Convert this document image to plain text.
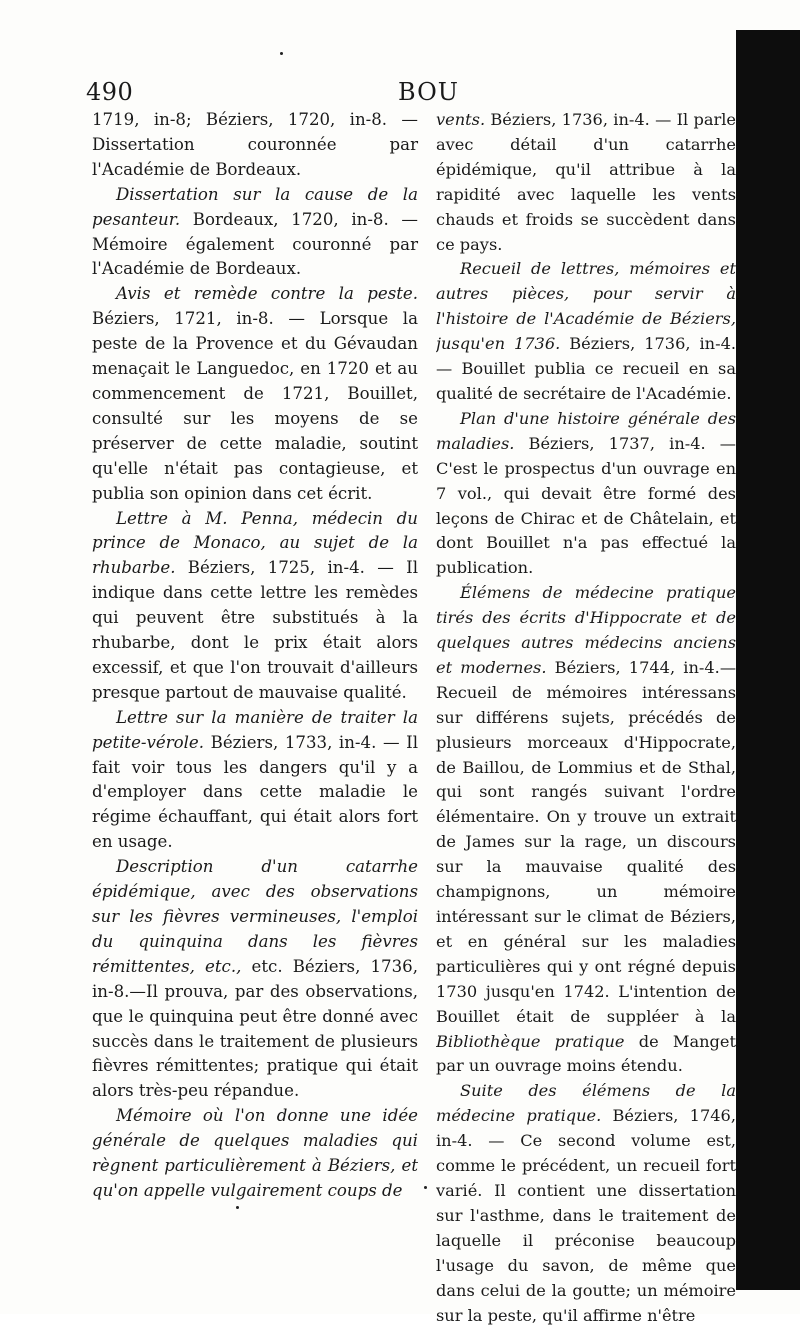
490	BOU

1719, in-8; Béziers, 1720, in-8. — Dissertation couronnée par l'Académie de Bordeaux.

Dissertation sur la cause de la pesanteur. Bordeaux, 1720, in-8. — Mémoire également couronné par l'Académie de Bordeaux.

Avis et remède contre la peste. Béziers, 1721, in-8. — Lorsque la peste de la Provence et du Gévaudan menaçait le Languedoc, en 1720 et au commencement de 1721, Bouillet, consulté sur les moyens de se préserver de cette maladie, soutint qu'elle n'était pas contagieuse, et publia son opinion dans cet écrit.

Lettre à M. Penna, médecin du prince de Monaco, au sujet de la rhubarbe. Béziers, 1725, in-4. — Il indique dans cette lettre les remèdes qui peuvent être substitués à la rhubarbe, dont le prix était alors excessif, et que l'on trouvait d'ailleurs presque partout de mauvaise qualité.

Lettre sur la manière de traiter la petite-vérole. Béziers, 1733, in-4. — Il fait voir tous les dangers qu'il y a d'employer dans cette maladie le régime échauffant, qui était alors fort en usage.

Description d'un catarrhe épidémique, avec des observations sur les fièvres vermineuses, l'emploi du quinquina dans les fièvres rémittentes, etc., etc. Béziers, 1736, in-8.—Il prouva, par des observations, que le quinquina peut être donné avec succès dans le traitement de plusieurs fièvres rémittentes; pratique qui était alors très-peu répandue.

Mémoire où l'on donne une idée générale de quelques maladies qui règnent particulièrement à Béziers, et qu'on appelle vulgairement coups de

vents. Béziers, 1736, in-4. — Il parle avec détail d'un catarrhe épidémique, qu'il attribue à la rapidité avec laquelle les vents chauds et froids se succèdent dans ce pays.

Recueil de lettres, mémoires et autres pièces, pour servir à l'histoire de l'Académie de Béziers, jusqu'en 1736. Béziers, 1736, in-4. — Bouillet publia ce recueil en sa qualité de secrétaire de l'Académie.

Plan d'une histoire générale des maladies. Béziers, 1737, in-4. — C'est le prospectus d'un ouvrage en 7 vol., qui devait être formé des leçons de Chirac et de Châtelain, et dont Bouillet n'a pas effectué la publication.

Élémens de médecine pratique tirés des écrits d'Hippocrate et de quelques autres médecins anciens et modernes. Béziers, 1744, in-4.—Recueil de mémoires intéressans sur différens sujets, précédés de plusieurs morceaux d'Hippocrate, de Baillou, de Lommius et de Sthal, qui sont rangés suivant l'ordre élémentaire. On y trouve un extrait de James sur la rage, un discours sur la mauvaise qualité des champignons, un mémoire intéressant sur le climat de Béziers, et en général sur les maladies particulières qui y ont régné depuis 1730 jusqu'en 1742. L'intention de Bouillet était de suppléer à la Bibliothèque pratique de Manget par un ouvrage moins étendu.

Suite des élémens de la médecine pratique. Béziers, 1746, in-4. — Ce second volume est, comme le précédent, un recueil fort varié. Il contient une dissertation sur l'asthme, dans le traitement de laquelle il préconise beaucoup l'usage du savon, de même que dans celui de la goutte; un mémoire sur la peste, qu'il affirme n'être
